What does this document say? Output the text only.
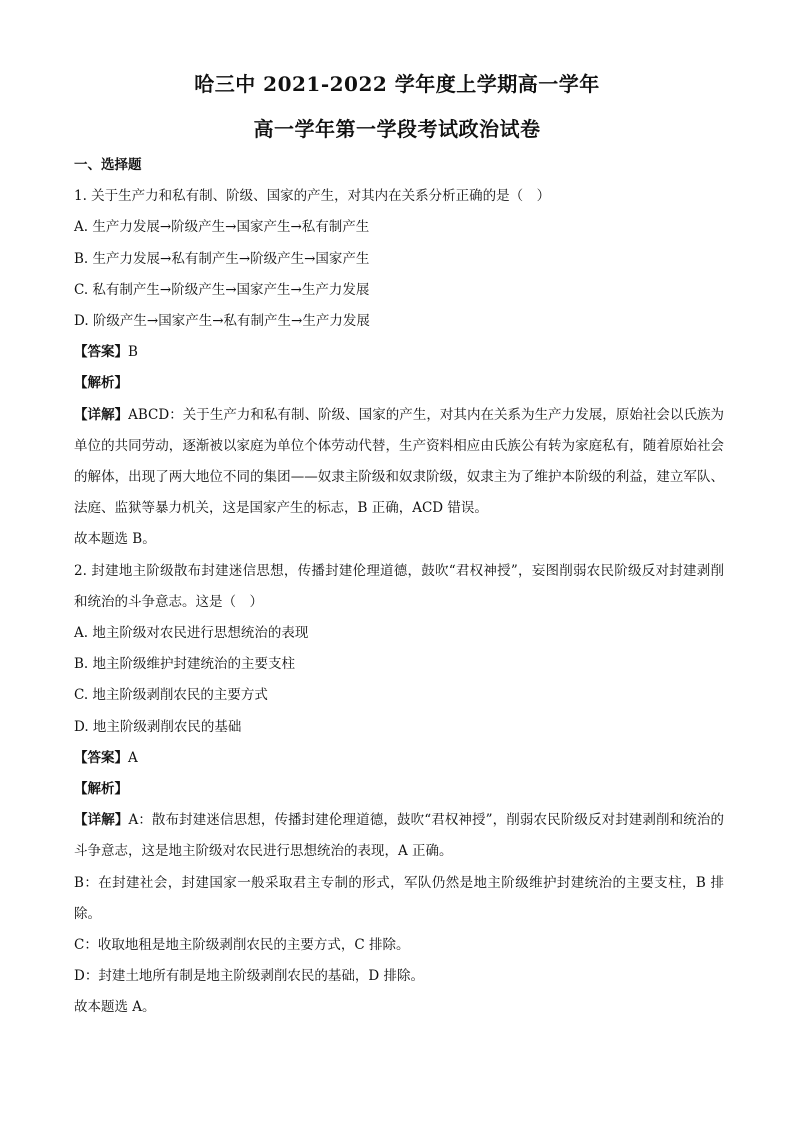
哈三中 2021-2022 学年度上学期高一学年
高一学年第一学段考试政治试卷
一、选择题
1. 关于生产力和私有制、阶级、国家的产生，对其内在关系分析正确的是（　）
A. 生产力发展→阶级产生→国家产生→私有制产生
B. 生产力发展→私有制产生→阶级产生→国家产生
C. 私有制产生→阶级产生→国家产生→生产力发展
D. 阶级产生→国家产生→私有制产生→生产力发展
【答案】B
【解析】
【详解】ABCD：关于生产力和私有制、阶级、国家的产生，对其内在关系为生产力发展，原始社会以氏族为单位的共同劳动，逐渐被以家庭为单位个体劳动代替，生产资料相应由氏族公有转为家庭私有，随着原始社会的解体，出现了两大地位不同的集团——奴隶主阶级和奴隶阶级，奴隶主为了维护本阶级的利益，建立军队、法庭、监狱等暴力机关，这是国家产生的标志，B 正确，ACD 错误。
故本题选 B。
2. 封建地主阶级散布封建迷信思想，传播封建伦理道德，鼓吹“君权神授”，妄图削弱农民阶级反对封建剥削和统治的斗争意志。这是（　）
A. 地主阶级对农民进行思想统治的表现
B. 地主阶级维护封建统治的主要支柱
C. 地主阶级剥削农民的主要方式
D. 地主阶级剥削农民的基础
【答案】A
【解析】
【详解】A：散布封建迷信思想，传播封建伦理道德，鼓吹“君权神授”，削弱农民阶级反对封建剥削和统治的斗争意志，这是地主阶级对农民进行思想统治的表现，A 正确。
B：在封建社会，封建国家一般采取君主专制的形式，军队仍然是地主阶级维护封建统治的主要支柱，B 排除。
C：收取地租是地主阶级剥削农民的主要方式，C 排除。
D：封建土地所有制是地主阶级剥削农民的基础，D 排除。
故本题选 A。
